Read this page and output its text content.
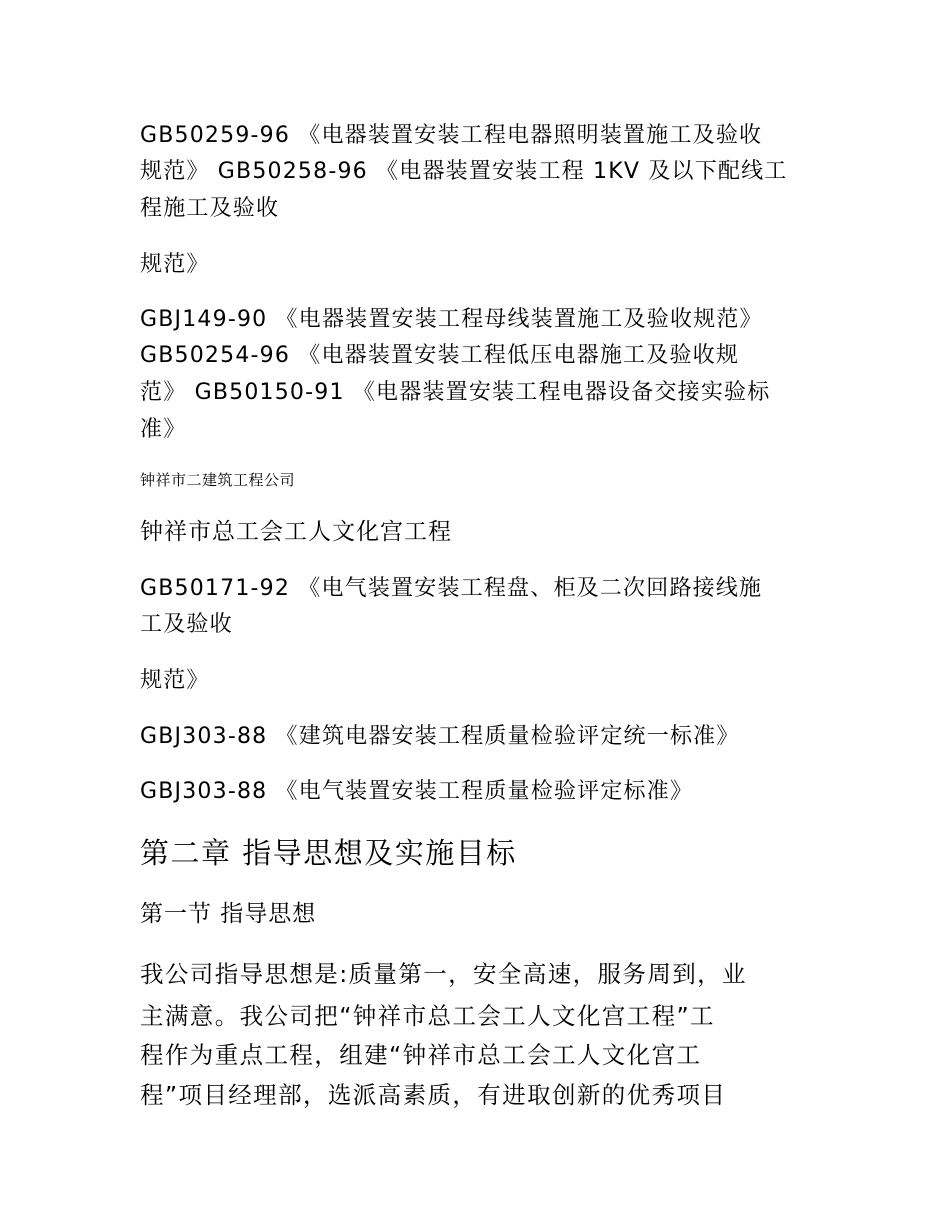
GB50259-96 《电器装置安装工程电器照明装置施工及验收
规范》 GB50258-96 《电器装置安装工程 1KV 及以下配线工
程施工及验收
规范》
GBJ149-90 《电器装置安装工程母线装置施工及验收规范》
GB50254-96 《电器装置安装工程低压电器施工及验收规
范》 GB50150-91 《电器装置安装工程电器设备交接实验标
准》
钟祥市二建筑工程公司
钟祥市总工会工人文化宫工程
GB50171-92 《电气装置安装工程盘、柜及二次回路接线施
工及验收
规范》
GBJ303-88 《建筑电器安装工程质量检验评定统一标准》
GBJ303-88 《电气装置安装工程质量检验评定标准》
第二章 指导思想及实施目标
第一节 指导思想
我公司指导思想是:质量第一，安全高速，服务周到，业
主满意。我公司把“钟祥市总工会工人文化宫工程”工
程作为重点工程，组建“钟祥市总工会工人文化宫工
程”项目经理部，选派高素质，有进取创新的优秀项目
